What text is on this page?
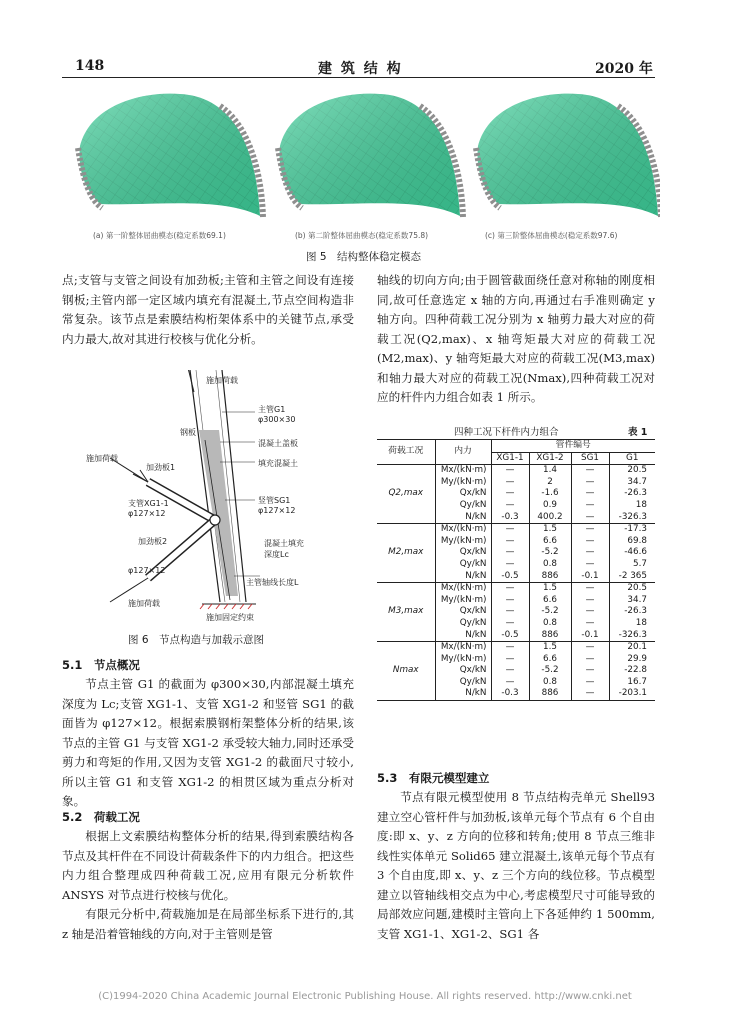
148	建 筑 结 构	2020 年
(a) 第一阶整体屈曲模态(稳定系数69.1)	(b) 第二阶整体屈曲模态(稳定系数75.8)	(c) 第三阶整体屈曲模态(稳定系数97.6)
图 5　结构整体稳定模态

点;支管与支管之间设有加劲板;主管和主管之间设有连接钢板;主管内部一定区域内填充有混凝土,节点空间构造非常复杂。该节点是索膜结构桁架体系中的关键节点,承受内力最大,故对其进行校核与优化分析。

施加荷载
主管G1
φ300×30
钢板
混凝土盖板
填充混凝土
施加荷载
加劲板1
支管XG1-1
φ127×12
竖管SG1
φ127×12
加劲板2	混凝土填充深度Lc
φ127×12
主管轴线长度L
施加荷载
施加固定约束
图 6　节点构造与加载示意图
5.1　节点概况

节点主管 G1 的截面为 φ300×30,内部混凝土填充深度为 Lc;支管 XG1-1、支管 XG1-2 和竖管 SG1 的截面皆为 φ127×12。根据索膜钢桁架整体分析的结果,该节点的主管 G1 与支管 XG1-2 承受较大轴力,同时还承受剪力和弯矩的作用,又因为支管 XG1-2 的截面尺寸较小,所以主管 G1 和支管 XG1-2 的相贯区域为重点分析对象。

5.2　荷载工况

根据上文索膜结构整体分析的结果,得到索膜结构各节点及其杆件在不同设计荷载条件下的内力组合。把这些内力组合整理成四种荷载工况,应用有限元分析软件 ANSYS 对节点进行校核与优化。

有限元分析中,荷载施加是在局部坐标系下进行的,其 z 轴是沿着管轴线的方向,对于主管则是管

轴线的切向方向;由于圆管截面绕任意对称轴的刚度相同,故可任意选定 x 轴的方向,再通过右手准则确定 y 轴方向。四种荷载工况分别为 x 轴剪力最大对应的荷载工况(Q2,max)、x 轴弯矩最大对应的荷载工况(M2,max)、y 轴弯矩最大对应的荷载工况(M3,max)和轴力最大对应的荷载工况(Nmax),四种荷载工况对应的杆件内力组合如表 1 所示。

四种工况下杆件内力组合	表 1
荷载工况	内力	管件编号			
		XG1-1	XG1-2	SG1	G1
Q2,max	Mx/(kN·m)	—	1.4	—	20.5
	My/(kN·m)	—	2	—	34.7
	Qx/kN	—	-1.6	—	-26.3
	Qy/kN	—	0.9	—	18
	N/kN	-0.3	400.2	—	-326.3
M2,max	Mx/(kN·m)	—	1.5	—	-17.3
	My/(kN·m)	—	6.6	—	69.8
	Qx/kN	—	-5.2	—	-46.6
	Qy/kN	—	0.8	—	5.7
	N/kN	-0.5	886	-0.1	-2 365
M3,max	Mx/(kN·m)	—	1.5	—	20.5
	My/(kN·m)	—	6.6	—	34.7
	Qx/kN	—	-5.2	—	-26.3
	Qy/kN	—	0.8	—	18
	N/kN	-0.5	886	-0.1	-326.3
Nmax	Mx/(kN·m)	—	1.5	—	20.1
	My/(kN·m)	—	6.6	—	29.9
	Qx/kN	—	-5.2	—	-22.8
	Qy/kN	—	0.8	—	16.7
	N/kN	-0.3	886	—	-203.1
5.3　有限元模型建立

节点有限元模型使用 8 节点结构壳单元 Shell93 建立空心管杆件与加劲板,该单元每个节点有 6 个自由度:即 x、y、z 方向的位移和转角;使用 8 节点三维非线性实体单元 Solid65 建立混凝土,该单元每个节点有 3 个自由度,即 x、y、z 三个方向的线位移。节点模型建立以管轴线相交点为中心,考虑模型尺寸可能导致的局部效应问题,建模时主管向上下各延伸约 1 500mm,支管 XG1-1、XG1-2、SG1 各

(C)1994-2020 China Academic Journal Electronic Publishing House. All rights reserved. http://www.cnki.net
